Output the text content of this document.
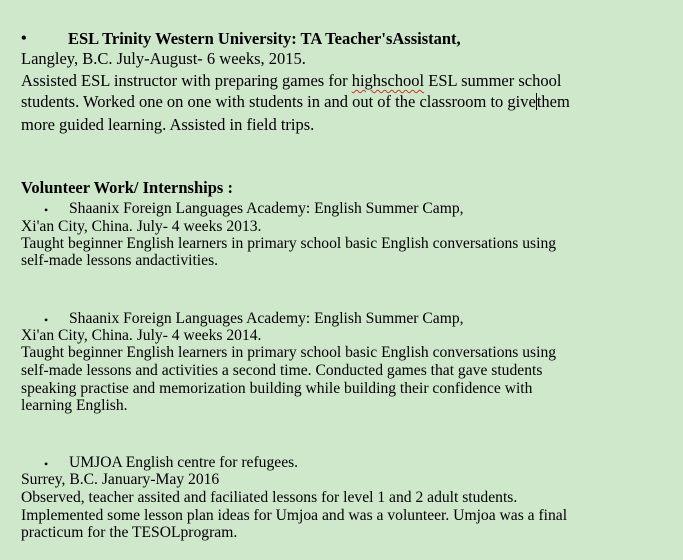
•	ESL Trinity Western University: TA Teacher'sAssistant,
Langley, B.C. July-August- 6 weeks, 2015.
Assisted ESL instructor with preparing games for highschool ESL summer school
students. Worked one on one with students in and out of the classroom to givethem
more guided learning. Assisted in field trips.
Volunteer Work/ Internships :
• Shaanix Foreign Languages Academy: English Summer Camp,
Xi'an City, China. July- 4 weeks 2013.
Taught beginner English learners in primary school basic English conversations using
self-made lessons andactivities.
• Shaanix Foreign Languages Academy: English Summer Camp,
Xi'an City, China. July- 4 weeks 2014.
Taught beginner English learners in primary school basic English conversations using
self-made lessons and activities a second time. Conducted games that gave students
speaking practise and memorization building while building their confidence with
learning English.
• UMJOA English centre for refugees.
Surrey, B.C. January-May 2016
Observed, teacher assited and faciliated lessons for level 1 and 2 adult students.
Implemented some lesson plan ideas for Umjoa and was a volunteer. Umjoa was a final
practicum for the TESOLprogram.
